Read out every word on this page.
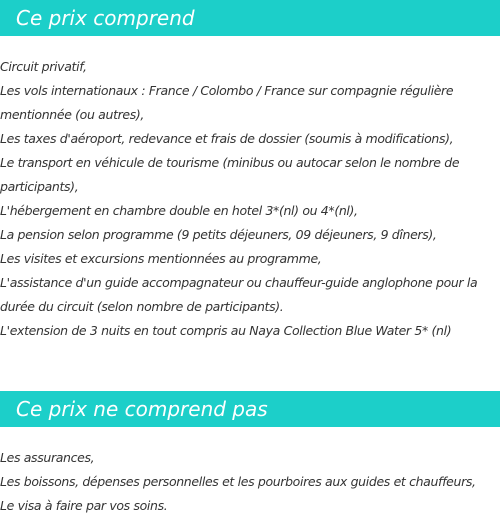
Ce prix comprend
Circuit privatif,
Les vols internationaux : France / Colombo / France sur compagnie régulière mentionnée (ou autres),
Les taxes d'aéroport, redevance et frais de dossier (soumis à modifications),
Le transport en véhicule de tourisme (minibus ou autocar selon le nombre de participants),
L'hébergement en chambre double en hotel 3*(nl) ou 4*(nl),
La pension selon programme (9 petits déjeuners, 09 déjeuners, 9 dîners),
Les visites et excursions mentionnées au programme,
L'assistance d'un guide accompagnateur ou chauffeur-guide anglophone pour la durée du circuit (selon nombre de participants).
L'extension de 3 nuits en tout compris au Naya Collection Blue Water 5* (nl)
Ce prix ne comprend pas
Les assurances,
Les boissons, dépenses personnelles et les pourboires aux guides et chauffeurs,
Le visa à faire par vos soins.
